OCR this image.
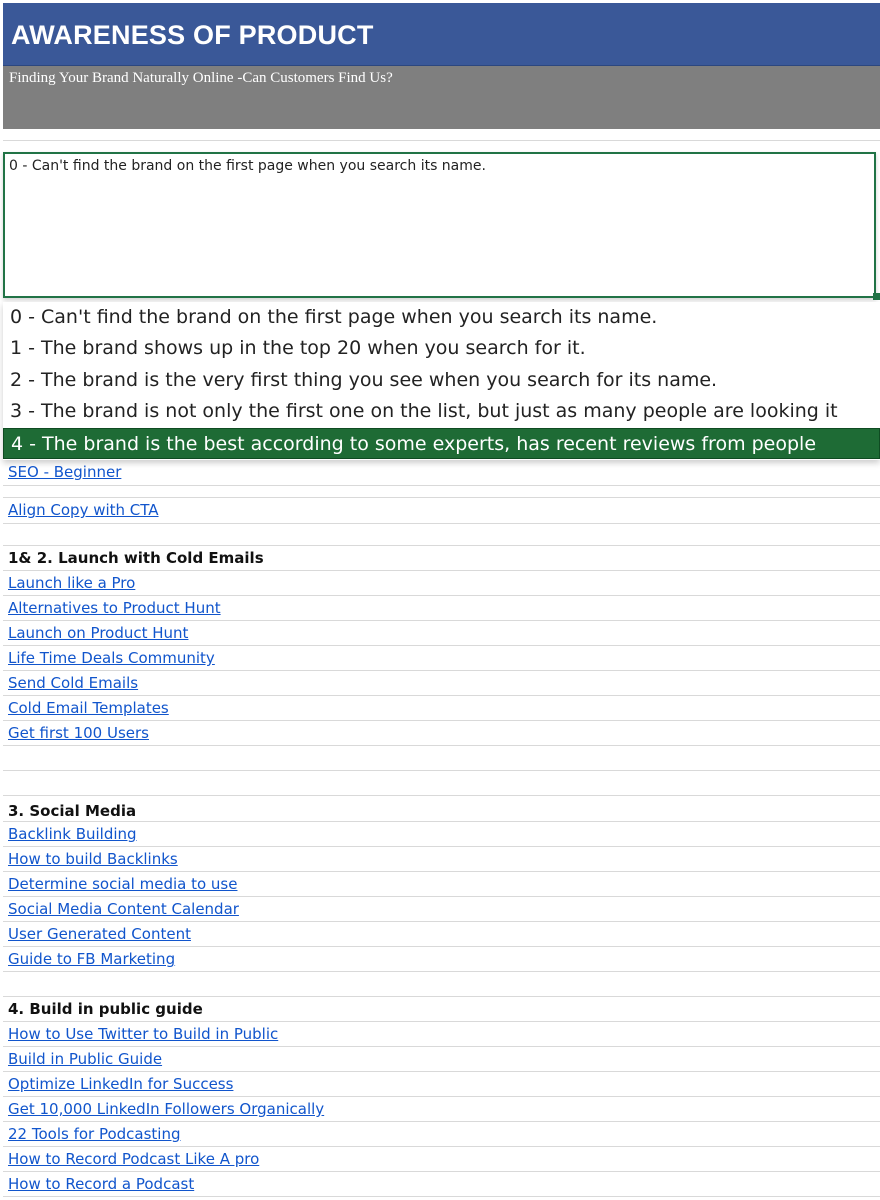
AWARENESS OF PRODUCT
Finding Your Brand Naturally Online -Can Customers Find Us?
0 - Can't find the brand on the first page when you search its name.
0 - Can't find the brand on the first page when you search its name.
1 - The brand shows up in the top 20 when you search for it.
2 - The brand is the very first thing you see when you search for its name.
3 - The brand is not only the first one on the list, but just as many people are looking it
4 - The brand is the best according to some experts, has recent reviews from people
SEO - Beginner
Align Copy with CTA
1& 2. Launch with Cold Emails
Launch like a Pro
Alternatives to Product Hunt
Launch on Product Hunt
Life Time Deals Community
Send Cold Emails
Cold Email Templates
Get first 100 Users
3. Social Media
Backlink Building
How to build Backlinks
Determine social media to use
Social Media Content Calendar
User Generated Content
Guide to FB Marketing
4. Build in public guide
How to Use Twitter to Build in Public
Build in Public Guide
Optimize LinkedIn for Success
Get 10,000 LinkedIn Followers Organically
22 Tools for Podcasting
How to Record Podcast Like A pro
How to Record a Podcast
